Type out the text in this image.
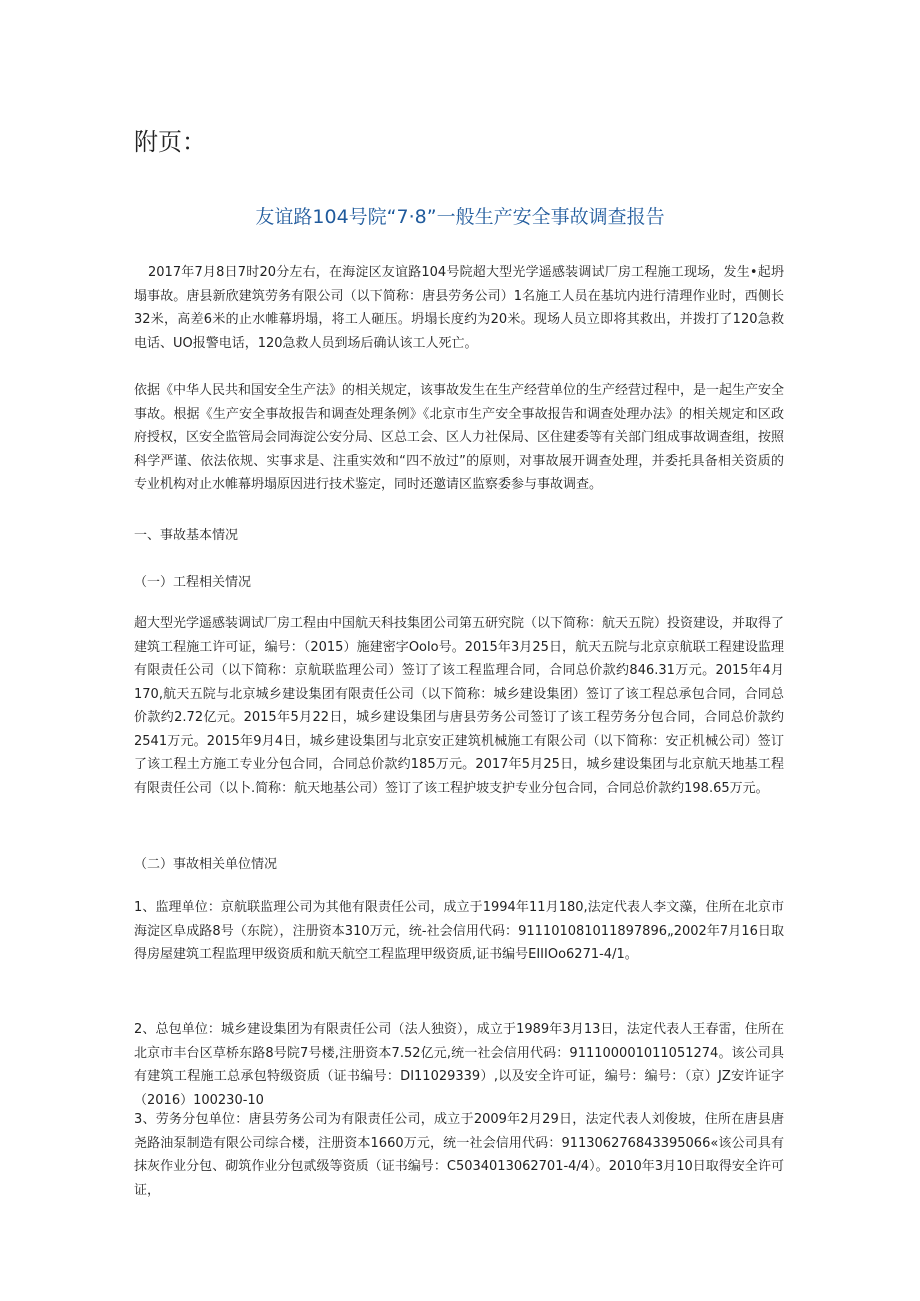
附页：
友谊路104号院“7·8”一般生产安全事故调查报告

2017年7月8日7时20分左右，在海淀区友谊路104号院超大型光学遥感装调试厂房工程施工现场，发生•起坍塌事故。唐县新欣建筑劳务有限公司（以下简称：唐县劳务公司）1名施工人员在基坑内进行清理作业时，西侧长32米，高差6米的止水帷幕坍塌，将工人砸压。坍塌长度约为20米。现场人员立即将其救出，并拨打了120急救电话、UO报警电话，120急救人员到场后确认该工人死亡。

依据《中华人民共和国安全生产法》的相关规定，该事故发生在生产经营单位的生产经营过程中，是一起生产安全事故。根据《生产安全事故报告和调查处理条例》《北京市生产安全事故报告和调查处理办法》的相关规定和区政府授权，区安全监管局会同海淀公安分局、区总工会、区人力社保局、区住建委等有关部门组成事故调查组，按照科学严谨、依法依规、实事求是、注重实效和“四不放过”的原则，对事故展开调查处理，并委托具备相关资质的专业机构对止水帷幕坍塌原因进行技术鉴定，同时还邀请区监察委参与事故调查。

一、事故基本情况

（一）工程相关情况

超大型光学遥感装调试厂房工程由中国航天科技集团公司第五研究院（以下简称：航天五院）投资建设，并取得了建筑工程施工许可证，编号：（2015）施建密字Oolo号。2015年3月25日，航天五院与北京京航联工程建设监理有限责任公司（以下简称：京航联监理公司）签订了该工程监理合同，合同总价款约846.31万元。2015年4月170,航天五院与北京城乡建设集团有限责任公司（以下简称：城乡建设集团）签订了该工程总承包合同，合同总价款约2.72亿元。2015年5月22日，城乡建设集团与唐县劳务公司签订了该工程劳务分包合同，合同总价款约2541万元。2015年9月4日，城乡建设集团与北京安正建筑机械施工有限公司（以下简称：安正机械公司）签订了该工程土方施工专业分包合同，合同总价款约185万元。2017年5月25日，城乡建设集团与北京航天地基工程有限责任公司（以卜.简称：航天地基公司）签订了该工程护坡支护专业分包合同，合同总价款约198.65万元。

（二）事故相关单位情况

1、监理单位：京航联监理公司为其他有限责任公司，成立于1994年11月180,法定代表人李文藻，住所在北京市海淀区阜成路8号（东院），注册资本310万元，统-社会信用代码：911101081011897896„2002年7月16日取得房屋建筑工程监理甲级资质和航天航空工程监理甲级资质,证书编号EIIIOo6271-4/1。

2、总包单位：城乡建设集团为有限责任公司（法人独资），成立于1989年3月13日，法定代表人王春雷，住所在北京市丰台区草桥东路8号院7号楼,注册资本7.52亿元,统一社会信用代码：911100001011051274。该公司具有建筑工程施工总承包特级资质（证书编号：DI11029339）,以及安全许可证，编号：编号：（京）JZ安许证字（2016）100230-10

3、劳务分包单位：唐县劳务公司为有限责任公司，成立于2009年2月29日，法定代表人刘俊坡，住所在唐县唐尧路油泵制造有限公司综合楼，注册资本1660万元，统一社会信用代码：911306276843395066«该公司具有抹灰作业分包、砌筑作业分包贰级等资质（证书编号：C5034013062701-4/4）。2010年3月10日取得安全许可证，
